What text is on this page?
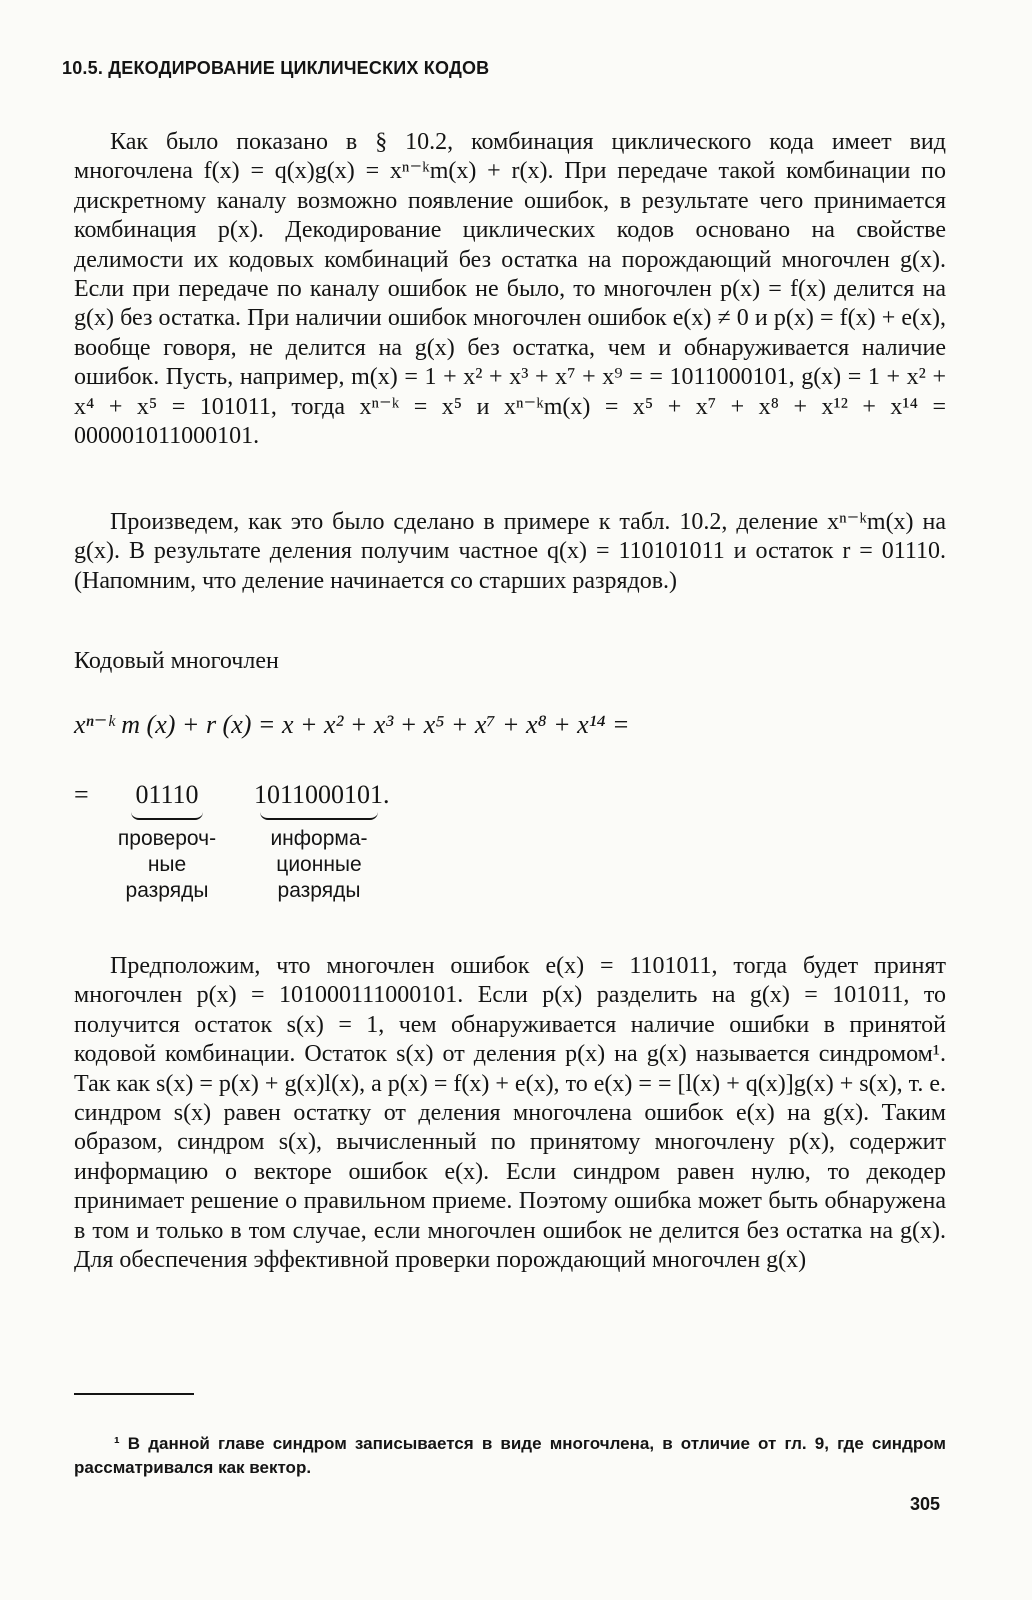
10.5. ДЕКОДИРОВАНИЕ ЦИКЛИЧЕСКИХ КОДОВ

Как было показано в § 10.2, комбинация циклического кода имеет вид многочлена f(x) = q(x)g(x) = xⁿ⁻ᵏm(x) + r(x). При передаче такой комбинации по дискретному каналу возможно появление ошибок, в результате чего принимается комбинация p(x). Декодирование циклических кодов основано на свойстве делимости их кодовых комбинаций без остатка на порождающий многочлен g(x). Если при передаче по каналу ошибок не было, то многочлен p(x) = f(x) делится на g(x) без остатка. При наличии ошибок многочлен ошибок e(x) ≠ 0 и p(x) = f(x) + e(x), вообще говоря, не делится на g(x) без остатка, чем и обнаруживается наличие ошибок. Пусть, например, m(x) = 1 + x² + x³ + x⁷ + x⁹ = = 1011000101, g(x) = 1 + x² + x⁴ + x⁵ = 101011, тогда xⁿ⁻ᵏ = x⁵ и xⁿ⁻ᵏm(x) = x⁵ + x⁷ + x⁸ + x¹² + x¹⁴ = 000001011000101.

Произведем, как это было сделано в примере к табл. 10.2, деление xⁿ⁻ᵏm(x) на g(x). В результате деления получим частное q(x) = 110101011 и остаток r = 01110. (Напомним, что деление начинается со старших разрядов.)

Кодовый многочлен
xⁿ⁻ᵏ m (x) + r (x) = x + x² + x³ + x⁵ + x⁷ + x⁸ + x¹⁴ =
=	01110
провероч-
ные
разряды
1011000101.
информа-
ционные
разряды

Предположим, что многочлен ошибок e(x) = 1101011, тогда будет принят многочлен p(x) = 101000111000101. Если p(x) разделить на g(x) = 101011, то получится остаток s(x) = 1, чем обнаруживается наличие ошибки в принятой кодовой комбинации. Остаток s(x) от деления p(x) на g(x) называется синдромом¹. Так как s(x) = p(x) + g(x)l(x), а p(x) = f(x) + e(x), то e(x) = = [l(x) + q(x)]g(x) + s(x), т. е. синдром s(x) равен остатку от деления многочлена ошибок e(x) на g(x). Таким образом, синдром s(x), вычисленный по принятому многочлену p(x), содержит информацию о векторе ошибок e(x). Если синдром равен нулю, то декодер принимает решение о правильном приеме. Поэтому ошибка может быть обнаружена в том и только в том случае, если многочлен ошибок не делится без остатка на g(x). Для обеспечения эффективной проверки порождающий многочлен g(x)

¹ В данной главе синдром записывается в виде многочлена, в отличие от гл. 9, где синдром рассматривался как вектор.

305
